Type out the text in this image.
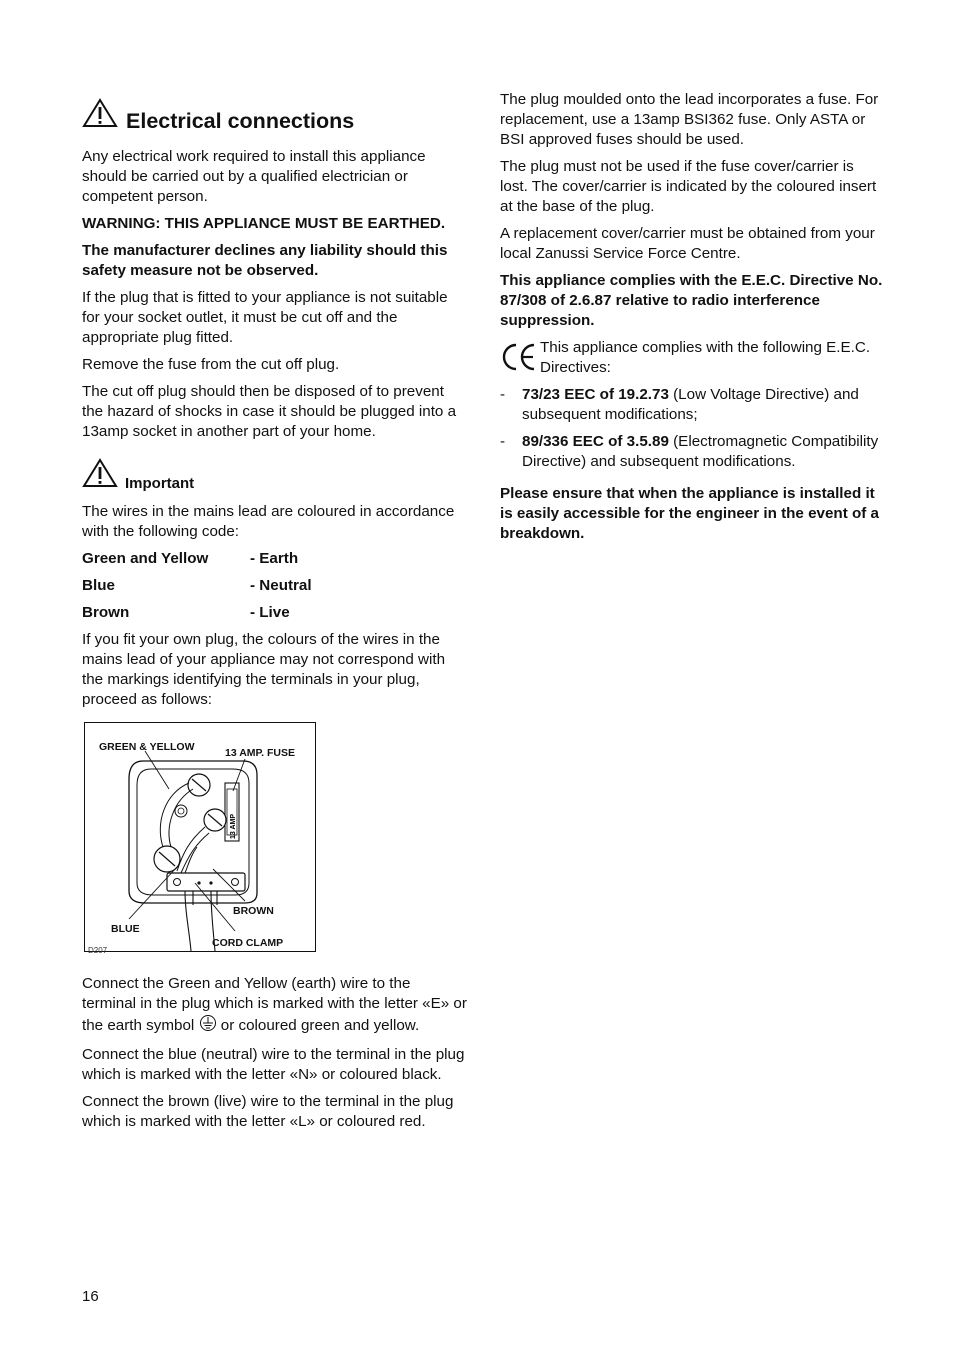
Electrical connections

Any electrical work required to install this appliance should be carried out by a qualified electrician or competent person.

WARNING: THIS APPLIANCE MUST BE EARTHED.

The manufacturer declines any liability should this safety measure not be observed.

If the plug that is fitted to your appliance is not suitable for your socket outlet, it must be cut off and the appropriate plug fitted.

Remove the fuse from the cut off plug.

The cut off plug should then be disposed of to prevent the hazard of shocks in case it should be plugged into a 13amp socket in another part of your home.

Important

The wires in the mains lead are coloured in accordance with the following code:

Green and Yellow	- Earth
Blue	- Neutral
Brown	- Live

If you fit your own plug, the colours of the wires in the mains lead of your appliance may not correspond with the markings identifying the terminals in your plug, proceed as follows:

13 AMP
GREEN & YELLOW	13 AMP. FUSE
BROWN
BLUE
CORD CLAMP
D207

Connect the Green and Yellow (earth) wire to the terminal in the plug which is marked with the letter «E» or the earth symbol or coloured green and yellow.

Connect the blue (neutral) wire to the terminal in the plug which is marked with the letter «N» or coloured black.

Connect the brown (live) wire to the terminal in the plug which is marked with the letter «L» or coloured red.

The plug moulded onto the lead incorporates a fuse. For replacement, use a 13amp BSI362 fuse. Only ASTA or BSI approved fuses should be used.

The plug must not be used if the fuse cover/carrier is lost. The cover/carrier is indicated by the coloured insert at the base of the plug.

A replacement cover/carrier must be obtained from your local Zanussi Service Force Centre.

This appliance complies with the E.E.C. Directive No. 87/308 of 2.6.87 relative to radio interference suppression.

This appliance complies with the following E.E.C. Directives:
- 73/23 EEC of 19.2.73 (Low Voltage Directive) and subsequent modifications;
- 89/336 EEC of 3.5.89 (Electromagnetic Compatibility Directive) and subsequent modifications.

Please ensure that when the appliance is installed it is easily accessible for the engineer in the event of a breakdown.

16
